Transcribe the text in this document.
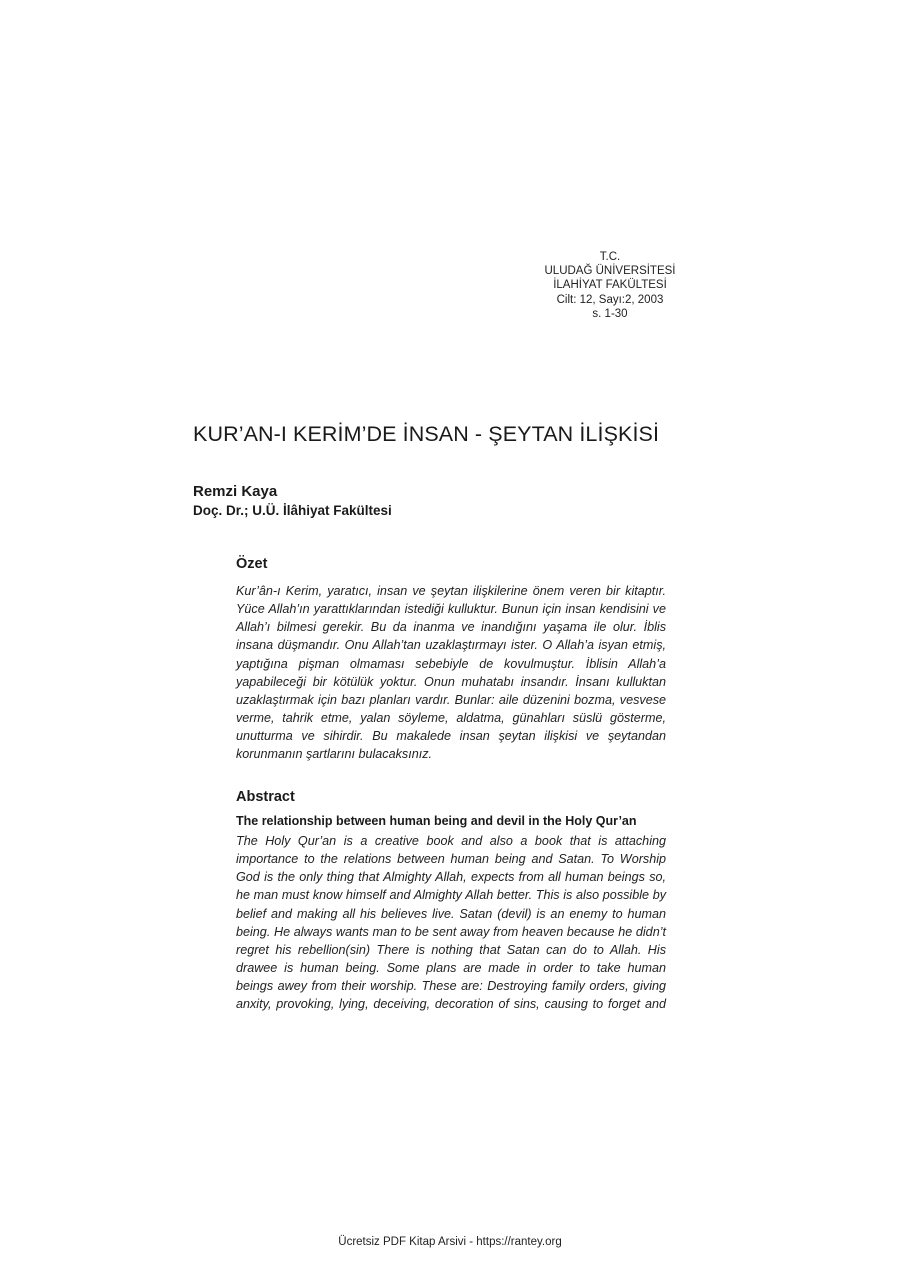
T.C.
ULUDAĞ ÜNİVERSİTESİ
İLAHİYAT FAKÜLTESİ
Cilt: 12, Sayı:2, 2003
s. 1-30
KUR’AN-I KERİM’DE İNSAN - ŞEYTAN İLİŞKİSİ

Remzi Kaya

Doç. Dr.; U.Ü. İlâhiyat Fakültesi

Özet

Kur’ân-ı Kerim, yaratıcı, insan ve şeytan ilişkilerine önem veren bir kitaptır. Yüce Allah’ın yarattıklarından istediği kulluktur. Bunun için insan kendisini ve Allah’ı bilmesi gerekir. Bu da inanma ve inandığını yaşama ile olur. İblis insana düşmandır. Onu Allah’tan uzaklaştırmayı ister. O Allah’a isyan etmiş, yaptığına pişman olmaması sebebiyle de kovulmuştur. İblisin Allah’a yapabileceği bir kötülük yoktur. Onun muhatabı insandır. İnsanı kulluktan uzaklaştırmak için bazı planları vardır. Bunlar: aile düzenini bozma, vesvese verme, tahrik etme, yalan söyleme, aldatma, günahları süslü gösterme, unutturma ve sihirdir. Bu makalede insan şeytan ilişkisi ve şeytandan korunmanın şartlarını bulacaksınız.

Abstract
The relationship between human being and devil in the Holy Qur’an

The Holy Qur’an is a creative book and also a book that is attaching importance to the relations between human being and Satan. To Worship God is the only thing that Almighty Allah, expects from all human beings so, he man must know himself and Almighty Allah better. This is also possible by belief and making all his believes live. Satan (devil) is an enemy to human being. He always wants man to be sent away from heaven because he didn’t regret his rebellion(sin) There is nothing that Satan can do to Allah. His drawee is human being. Some plans are made in order to take human beings awey from their worship. These are: Destroying family orders, giving anxity, provoking, lying, deceiving, decoration of sins, causing to forget and

Ücretsiz PDF Kitap Arsivi - https://rantey.org
